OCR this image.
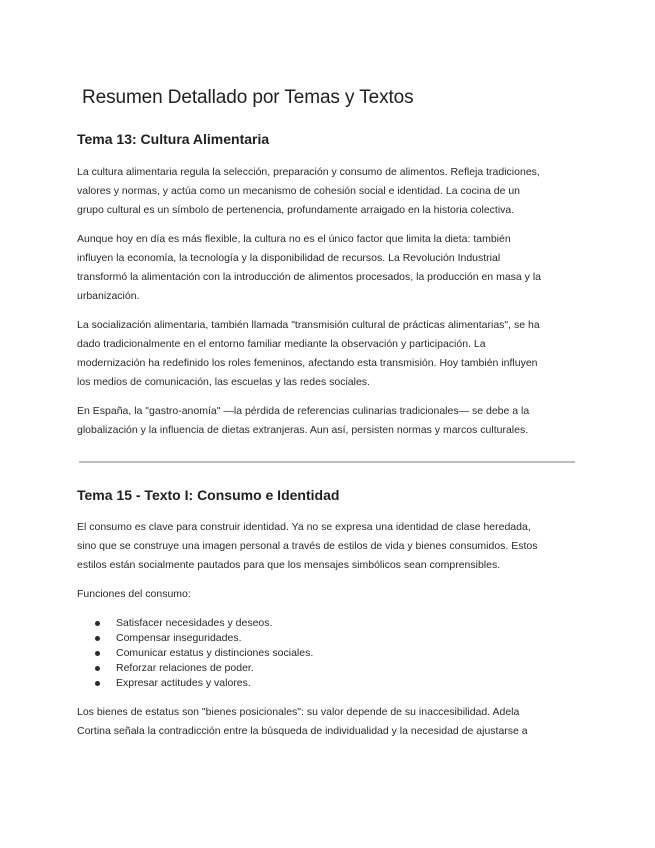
Resumen Detallado por Temas y Textos
Tema 13: Cultura Alimentaria
La cultura alimentaria regula la selección, preparación y consumo de alimentos. Refleja tradiciones,
valores y normas, y actúa como un mecanismo de cohesión social e identidad. La cocina de un
grupo cultural es un símbolo de pertenencia, profundamente arraigado en la historia colectiva.
Aunque hoy en día es más flexible, la cultura no es el único factor que limita la dieta: también
influyen la economía, la tecnología y la disponibilidad de recursos. La Revolución Industrial
transformó la alimentación con la introducción de alimentos procesados, la producción en masa y la
urbanización.
La socialización alimentaria, también llamada "transmisión cultural de prácticas alimentarias", se ha
dado tradicionalmente en el entorno familiar mediante la observación y participación. La
modernización ha redefinido los roles femeninos, afectando esta transmisión. Hoy también influyen
los medios de comunicación, las escuelas y las redes sociales.
En España, la "gastro-anomía" —la pérdida de referencias culinarias tradicionales— se debe a la
globalización y la influencia de dietas extranjeras. Aun así, persisten normas y marcos culturales.
Tema 15 - Texto I: Consumo e Identidad
El consumo es clave para construir identidad. Ya no se expresa una identidad de clase heredada,
sino que se construye una imagen personal a través de estilos de vida y bienes consumidos. Estos
estilos están socialmente pautados para que los mensajes simbólicos sean comprensibles.
Funciones del consumo:
Satisfacer necesidades y deseos.
Compensar inseguridades.
Comunicar estatus y distinciones sociales.
Reforzar relaciones de poder.
Expresar actitudes y valores.
Los bienes de estatus son "bienes posicionales": su valor depende de su inaccesibilidad. Adela
Cortina señala la contradicción entre la búsqueda de individualidad y la necesidad de ajustarse a
